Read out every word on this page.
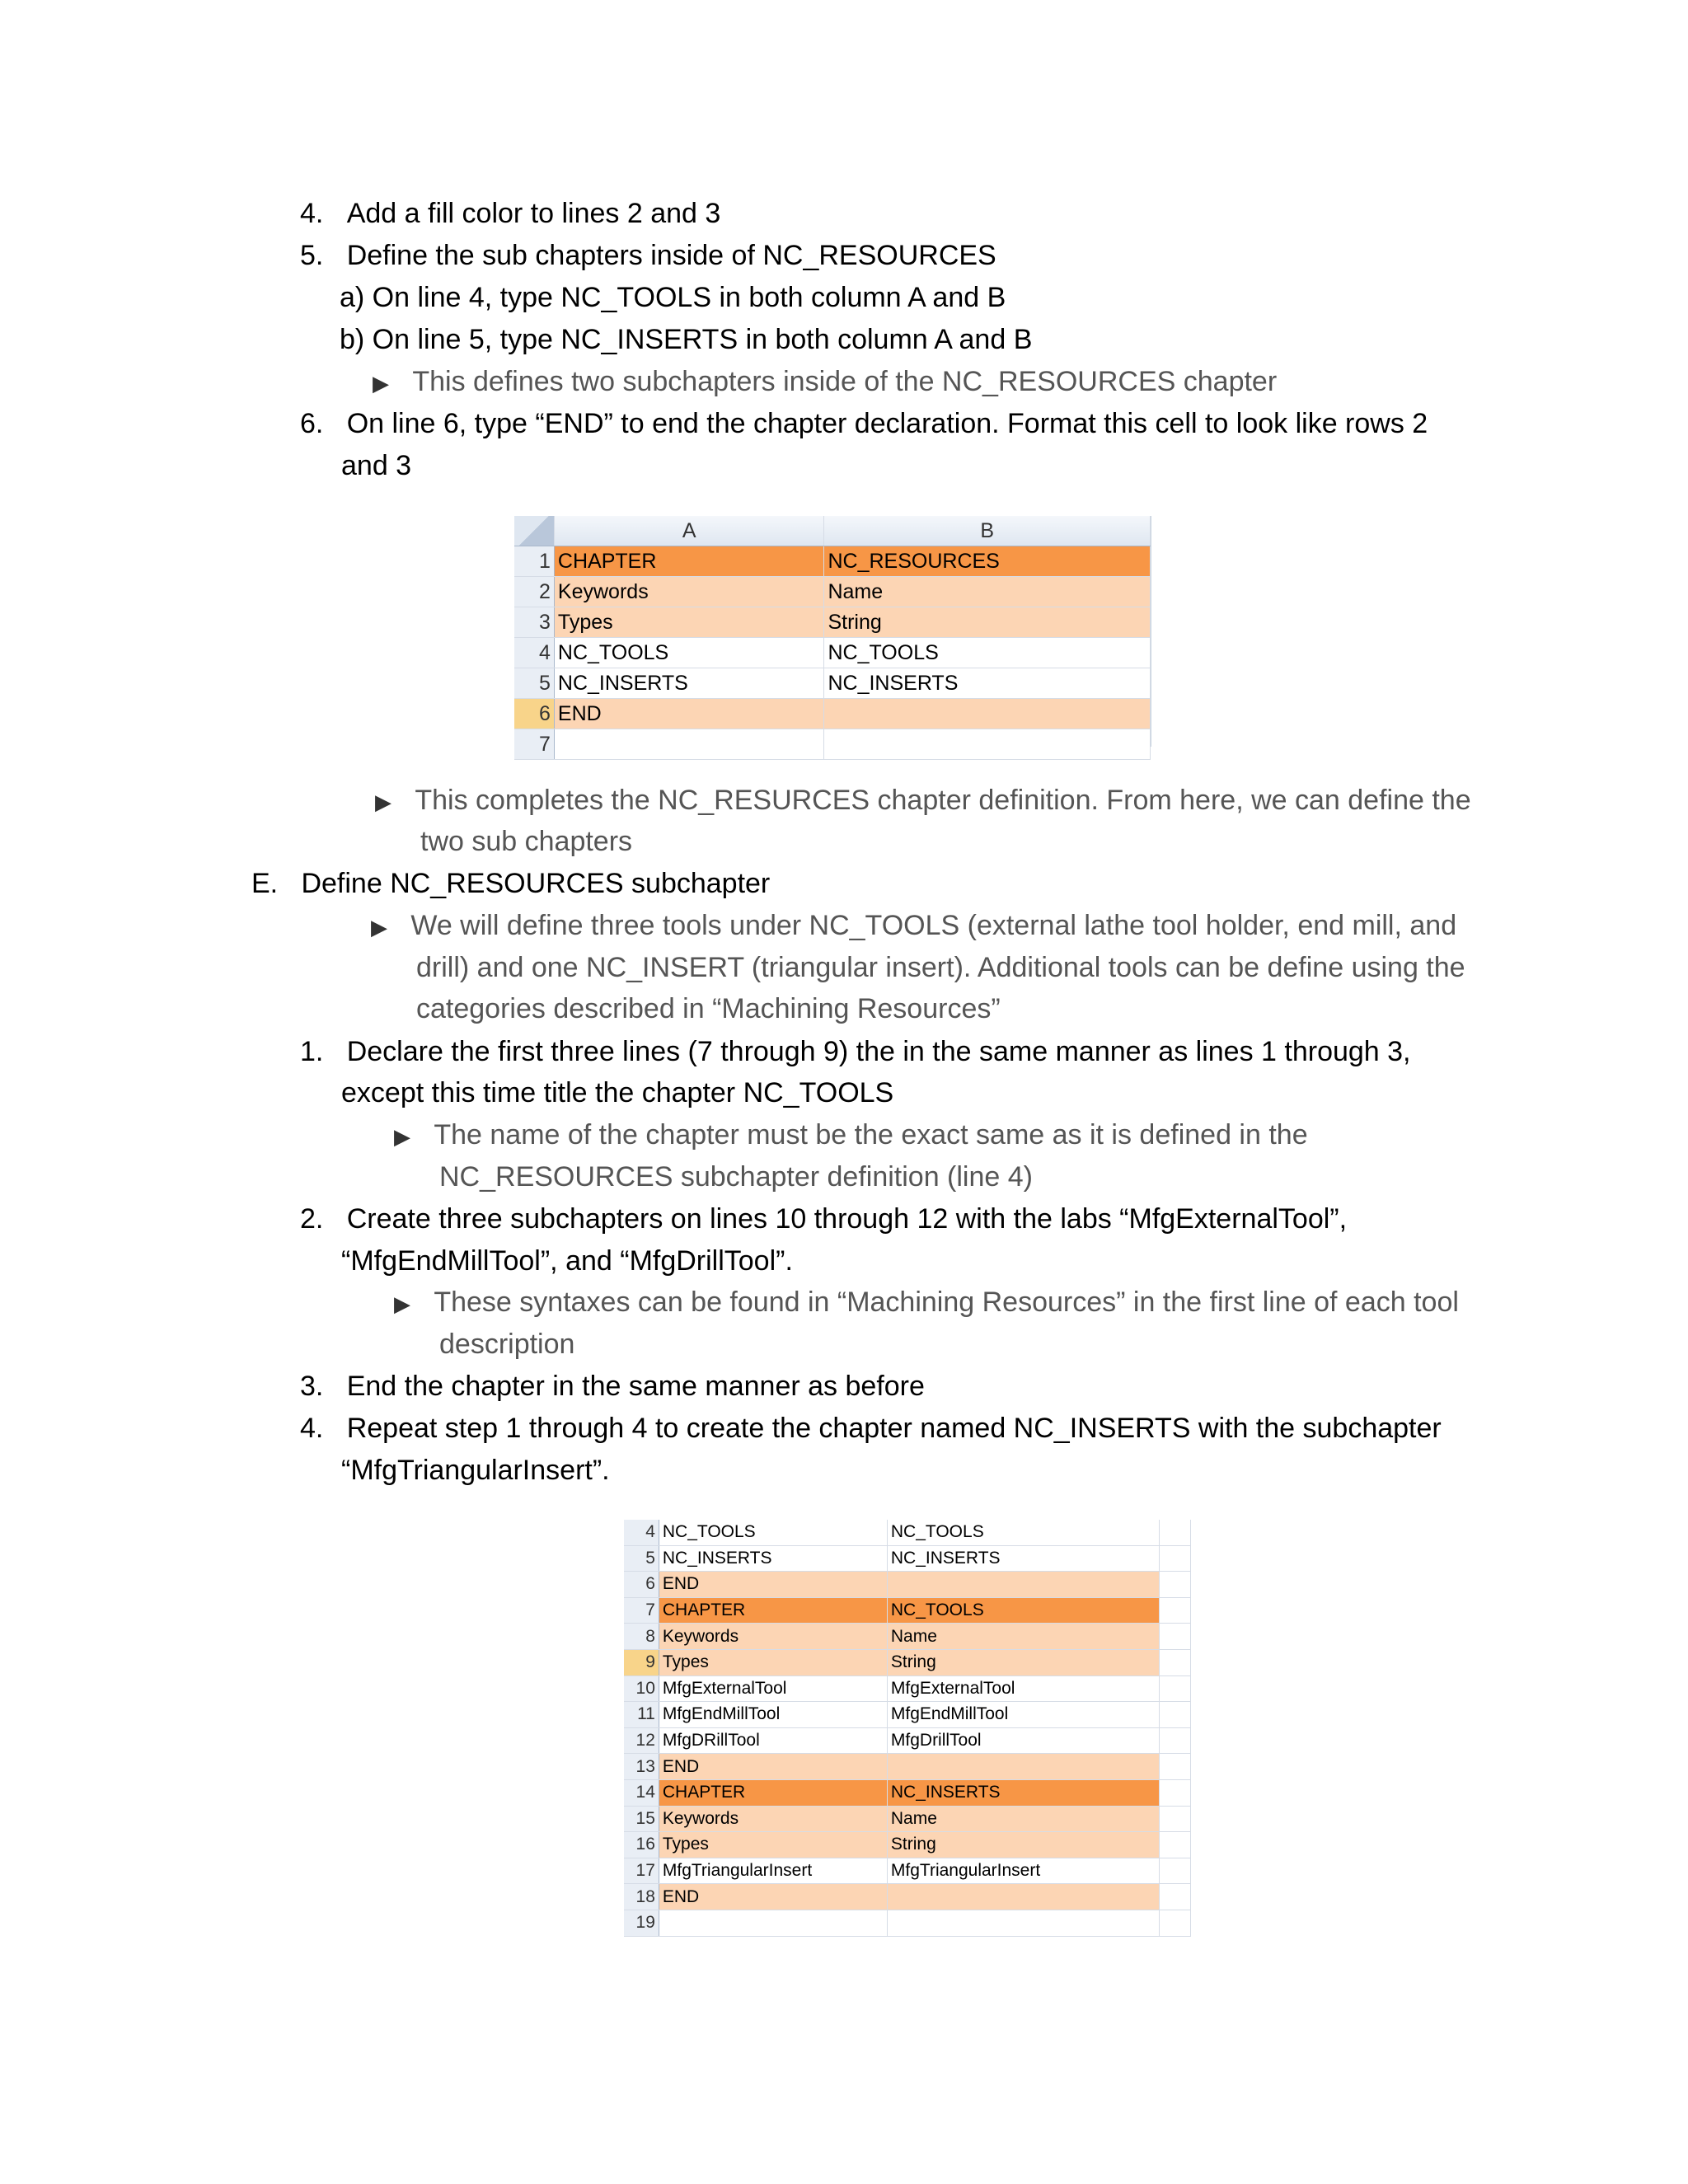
4. Add a fill color to lines 2 and 3
5. Define the sub chapters inside of NC_RESOURCES
a) On line 4, type NC_TOOLS in both column A and B
b) On line 5, type NC_INSERTS in both column A and B
▶ This defines two subchapters inside of the NC_RESOURCES chapter
6. On line 6, type “END” to end the chapter declaration. Format this cell to look like rows 2
and 3
	A	B
1	CHAPTER	NC_RESOURCES
2	Keywords	Name
3	Types	String
4	NC_TOOLS	NC_TOOLS
5	NC_INSERTS	NC_INSERTS
6	END	
7		
▶ This completes the NC_RESURCES chapter definition. From here, we can define the
two sub chapters
E. Define NC_RESOURCES subchapter
▶ We will define three tools under NC_TOOLS (external lathe tool holder, end mill, and
drill) and one NC_INSERT (triangular insert). Additional tools can be define using the
categories described in “Machining Resources”
1. Declare the first three lines (7 through 9) the in the same manner as lines 1 through 3,
except this time title the chapter NC_TOOLS
▶ The name of the chapter must be the exact same as it is defined in the
NC_RESOURCES subchapter definition (line 4)
2. Create three subchapters on lines 10 through 12 with the labs “MfgExternalTool”,
“MfgEndMillTool”, and “MfgDrillTool”.
▶ These syntaxes can be found in “Machining Resources” in the first line of each tool
description
3. End the chapter in the same manner as before
4. Repeat step 1 through 4 to create the chapter named NC_INSERTS with the subchapter
“MfgTriangularInsert”.
4	NC_TOOLS	NC_TOOLS	
5	NC_INSERTS	NC_INSERTS	
6	END		
7	CHAPTER	NC_TOOLS	
8	Keywords	Name	
9	Types	String	
10	MfgExternalTool	MfgExternalTool	
11	MfgEndMillTool	MfgEndMillTool	
12	MfgDRillTool	MfgDrillTool	
13	END		
14	CHAPTER	NC_INSERTS	
15	Keywords	Name	
16	Types	String	
17	MfgTriangularInsert	MfgTriangularInsert	
18	END		
19			
